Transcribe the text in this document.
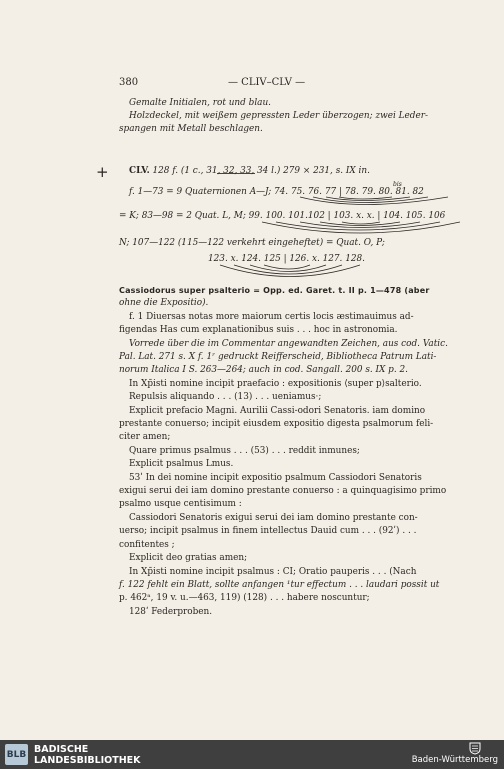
380	— CLIV–CLV —
Gemalte Initialen, rot und blau.
Holzdeckel, mit weißem gepressten Leder überzogen; zwei Leder-
spangen mit Metall beschlagen.
+	CLV. 128 f. (1 c., 31, 32, 33, 34 l.) 279 ⨯ 231, s. IX in.
bis
f. 1—73 = 9 Quaternionen A—J; 74. 75. 76. 77 | 78. 79. 80. 81. 82
= K; 83—98 = 2 Quat. L, M; 99. 100. 101.102 | 103. x. x. | 104. 105. 106
N; 107—122 (115—122 verkehrt eingeheftet) = Quat. O, P;
123. x. 124. 125 | 126. x. 127. 128.
Cassiodorus super psalterio = Opp. ed. Garet. t. II p. 1—478 (aber
ohne die Expositio).
f. 1 Diuersas notas more maiorum certis locis æstimauimus ad-
figendas Has cum explanationibus suis . . . hoc in astronomia.
Vorrede über die im Commentar angewandten Zeichen, aus cod. Vatic.
Pal. Lat. 271 s. X f. 1ʳ gedruckt Reifferscheid, Bibliotheca Patrum Lati-
norum Italica I S. 263—264; auch in cod. Sangall. 200 s. IX p. 2.
In Xp̄isti nomine incipit praefacio : expositionis ⟨super p⟩salterio.
Repulsis aliquando . . . (13) . . . ueniamus·;
Explicit prefacio Magni. Aurilii Cassi-odori Senatoris. iam domino
prestante conuerso; incipit eiusdem expositio digesta psalmorum feli-
citer amen;
Quare primus psalmus . . . (53) . . . reddit inmunes;
Explicit psalmus Lmus.
53ʹ In dei nomine incipit expositio psalmum Cassiodori Senatoris
exigui serui dei iam domino prestante conuerso : a quinquagisimo primo
psalmo usque centisimum :
Cassiodori Senatoris exigui serui dei iam domino prestante con-
uerso; incipit psalmus in finem intellectus Dauid cum . . . (92ʹ) . . .
confitentes ;
Explicit deo gratias amen;
In Xp̄isti nomine incipit psalmus : CI; Oratio pauperis . . . (Nach
f. 122 fehlt ein Blatt, sollte anfangen ¹tur effectum . . . laudari possit ut
p. 462ᵃ, 19 v. u.—463, 119) (128) . . . habere noscuntur;
128ʹ Federproben.
BLB BADISCHE
LANDESBIBLIOTHEK	Baden-Württemberg
